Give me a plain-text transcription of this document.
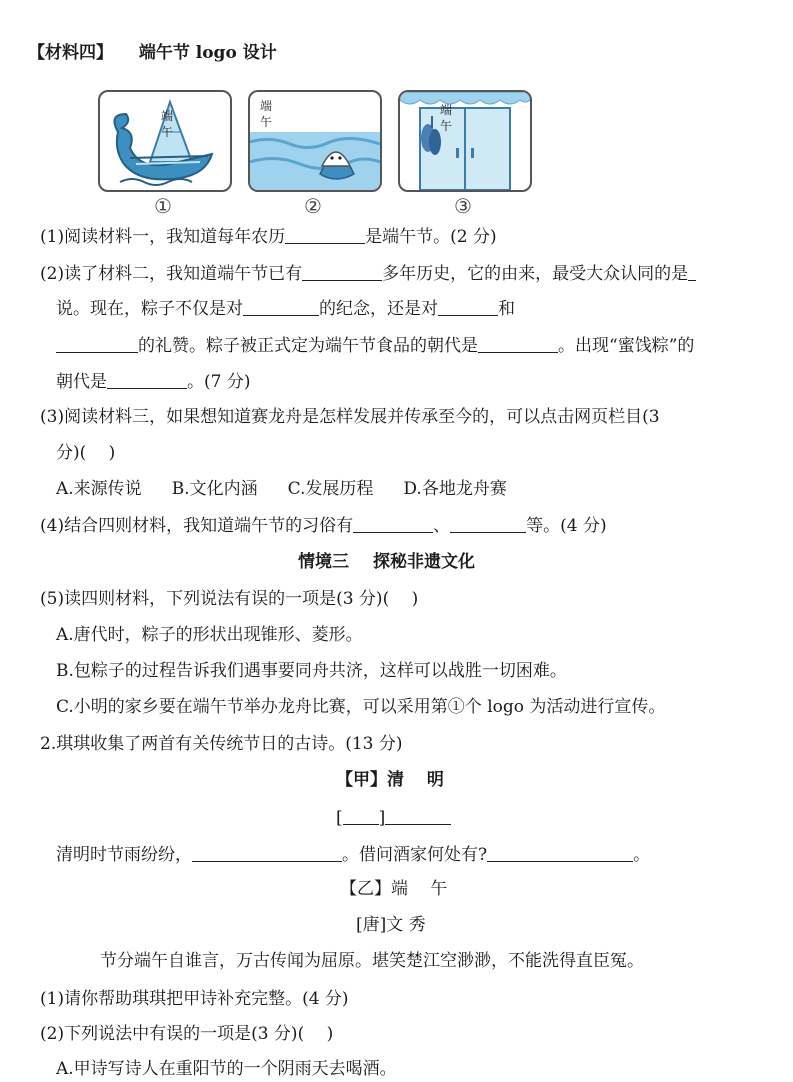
【材料四】 端午节 logo 设计
端午
端午
端午
①	②	③
(1)阅读材料一，我知道每年农历	是端午节。(2 分)
(2)读了材料二，我知道端午节已有	多年历史，它的由来，最受大众认同的是
说。现在，粽子不仅是对	的纪念，还是对	和
的礼赞。粽子被正式定为端午节食品的朝代是	。出现“蜜饯粽”的
朝代是	。(7 分)
(3)阅读材料三，如果想知道赛龙舟是怎样发展并传承至今的，可以点击网页栏目(3
分)(　 )
A.来源传说 B.文化内涵 C.发展历程 D.各地龙舟赛
(4)结合四则材料，我知道端午节的习俗有	、	等。(4 分)
情境三 探秘非遗文化
(5)读四则材料，下列说法有误的一项是(3 分)(　 )
A.唐代时，粽子的形状出现锥形、菱形。
B.包粽子的过程告诉我们遇事要同舟共济，这样可以战胜一切困难。
C.小明的家乡要在端午节举办龙舟比赛，可以采用第①个 logo 为活动进行宣传。
2.琪琪收集了两首有关传统节日的古诗。(13 分)
【甲】清　 明
[ ]
清明时节雨纷纷，	。借问酒家何处有?	。
【乙】端　 午
[唐]文 秀
节分端午自谁言，万古传闻为屈原。堪笑楚江空渺渺，不能洗得直臣冤。
(1)请你帮助琪琪把甲诗补充完整。(4 分)
(2)下列说法中有误的一项是(3 分)(　 )
A.甲诗写诗人在重阳节的一个阴雨天去喝酒。
